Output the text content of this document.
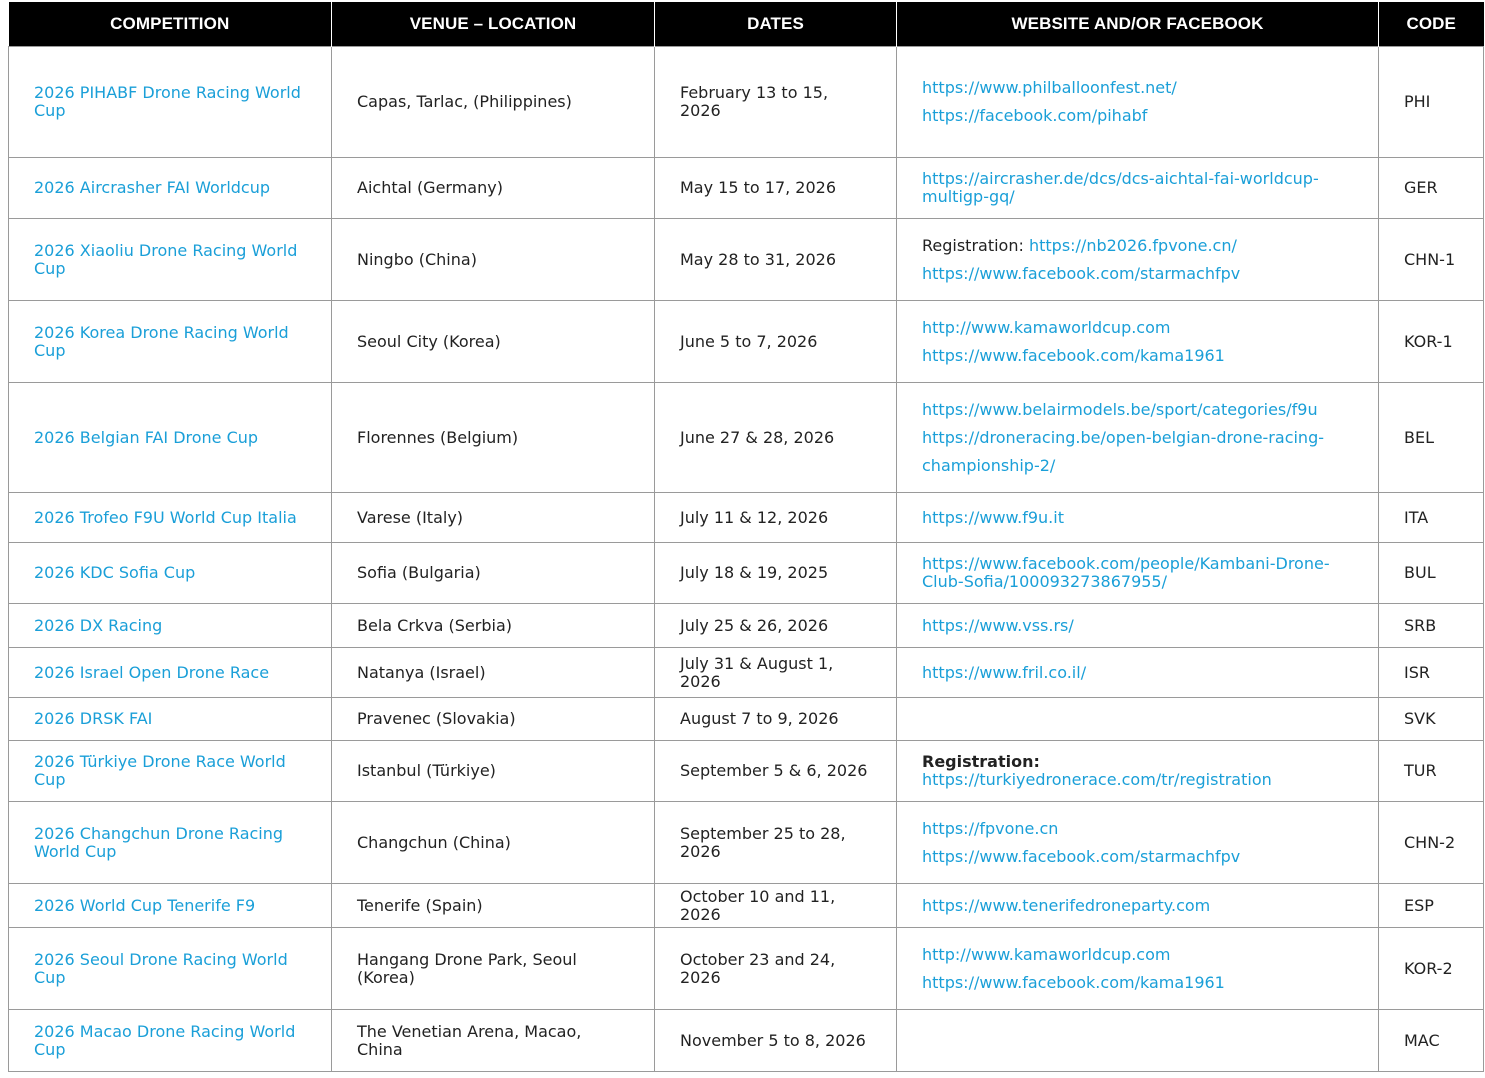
COMPETITION	VENUE – LOCATION	DATES	WEBSITE AND/OR FACEBOOK	CODE
2026 PIHABF Drone Racing World Cup	Capas, Tarlac, (Philippines)	February 13 to 15, 2026	https://www.philballoonfest.net/
https://facebook.com/pihabf	PHI
2026 Aircrasher FAI Worldcup	Aichtal (Germany)	May 15 to 17, 2026	https://aircrasher.de/dcs/dcs-aichtal-fai-worldcup-multigp-gq/	GER
2026 Xiaoliu Drone Racing World Cup	Ningbo (China)	May 28 to 31, 2026	Registration: https://nb2026.fpvone.cn/
https://www.facebook.com/starmachfpv	CHN-1
2026 Korea Drone Racing World Cup	Seoul City (Korea)	June 5 to 7, 2026	http://www.kamaworldcup.com
https://www.facebook.com/kama1961	KOR-1
2026 Belgian FAI Drone Cup	Florennes (Belgium)	June 27 & 28, 2026	https://www.belairmodels.be/sport/categories/f9u
https://droneracing.be/open-belgian-drone-racing-championship-2/	BEL
2026 Trofeo F9U World Cup Italia	Varese (Italy)	July 11 & 12, 2026	https://www.f9u.it	ITA
2026 KDC Sofia Cup	Sofia (Bulgaria)	July 18 & 19, 2025	https://www.facebook.com/people/Kambani-Drone-Club-Sofia/100093273867955/	BUL
2026 DX Racing	Bela Crkva (Serbia)	July 25 & 26, 2026	https://www.vss.rs/	SRB
2026 Israel Open Drone Race	Natanya (Israel)	July 31 & August 1, 2026	https://www.fril.co.il/	ISR
2026 DRSK FAI	Pravenec (Slovakia)	August 7 to 9, 2026		SVK
2026 Türkiye Drone Race World Cup	Istanbul (Türkiye)	September 5 & 6, 2026	Registration:
https://turkiyedronerace.com/tr/registration	TUR
2026 Changchun Drone Racing World Cup	Changchun (China)	September 25 to 28, 2026	https://fpvone.cn
https://www.facebook.com/starmachfpv	CHN-2
2026 World Cup Tenerife F9	Tenerife (Spain)	October 10 and 11, 2026	https://www.tenerifedroneparty.com	ESP
2026 Seoul Drone Racing World Cup	Hangang Drone Park, Seoul (Korea)	October 23 and 24, 2026	http://www.kamaworldcup.com
https://www.facebook.com/kama1961	KOR-2
2026 Macao Drone Racing World Cup	The Venetian Arena, Macao, China	November 5 to 8, 2026		MAC
